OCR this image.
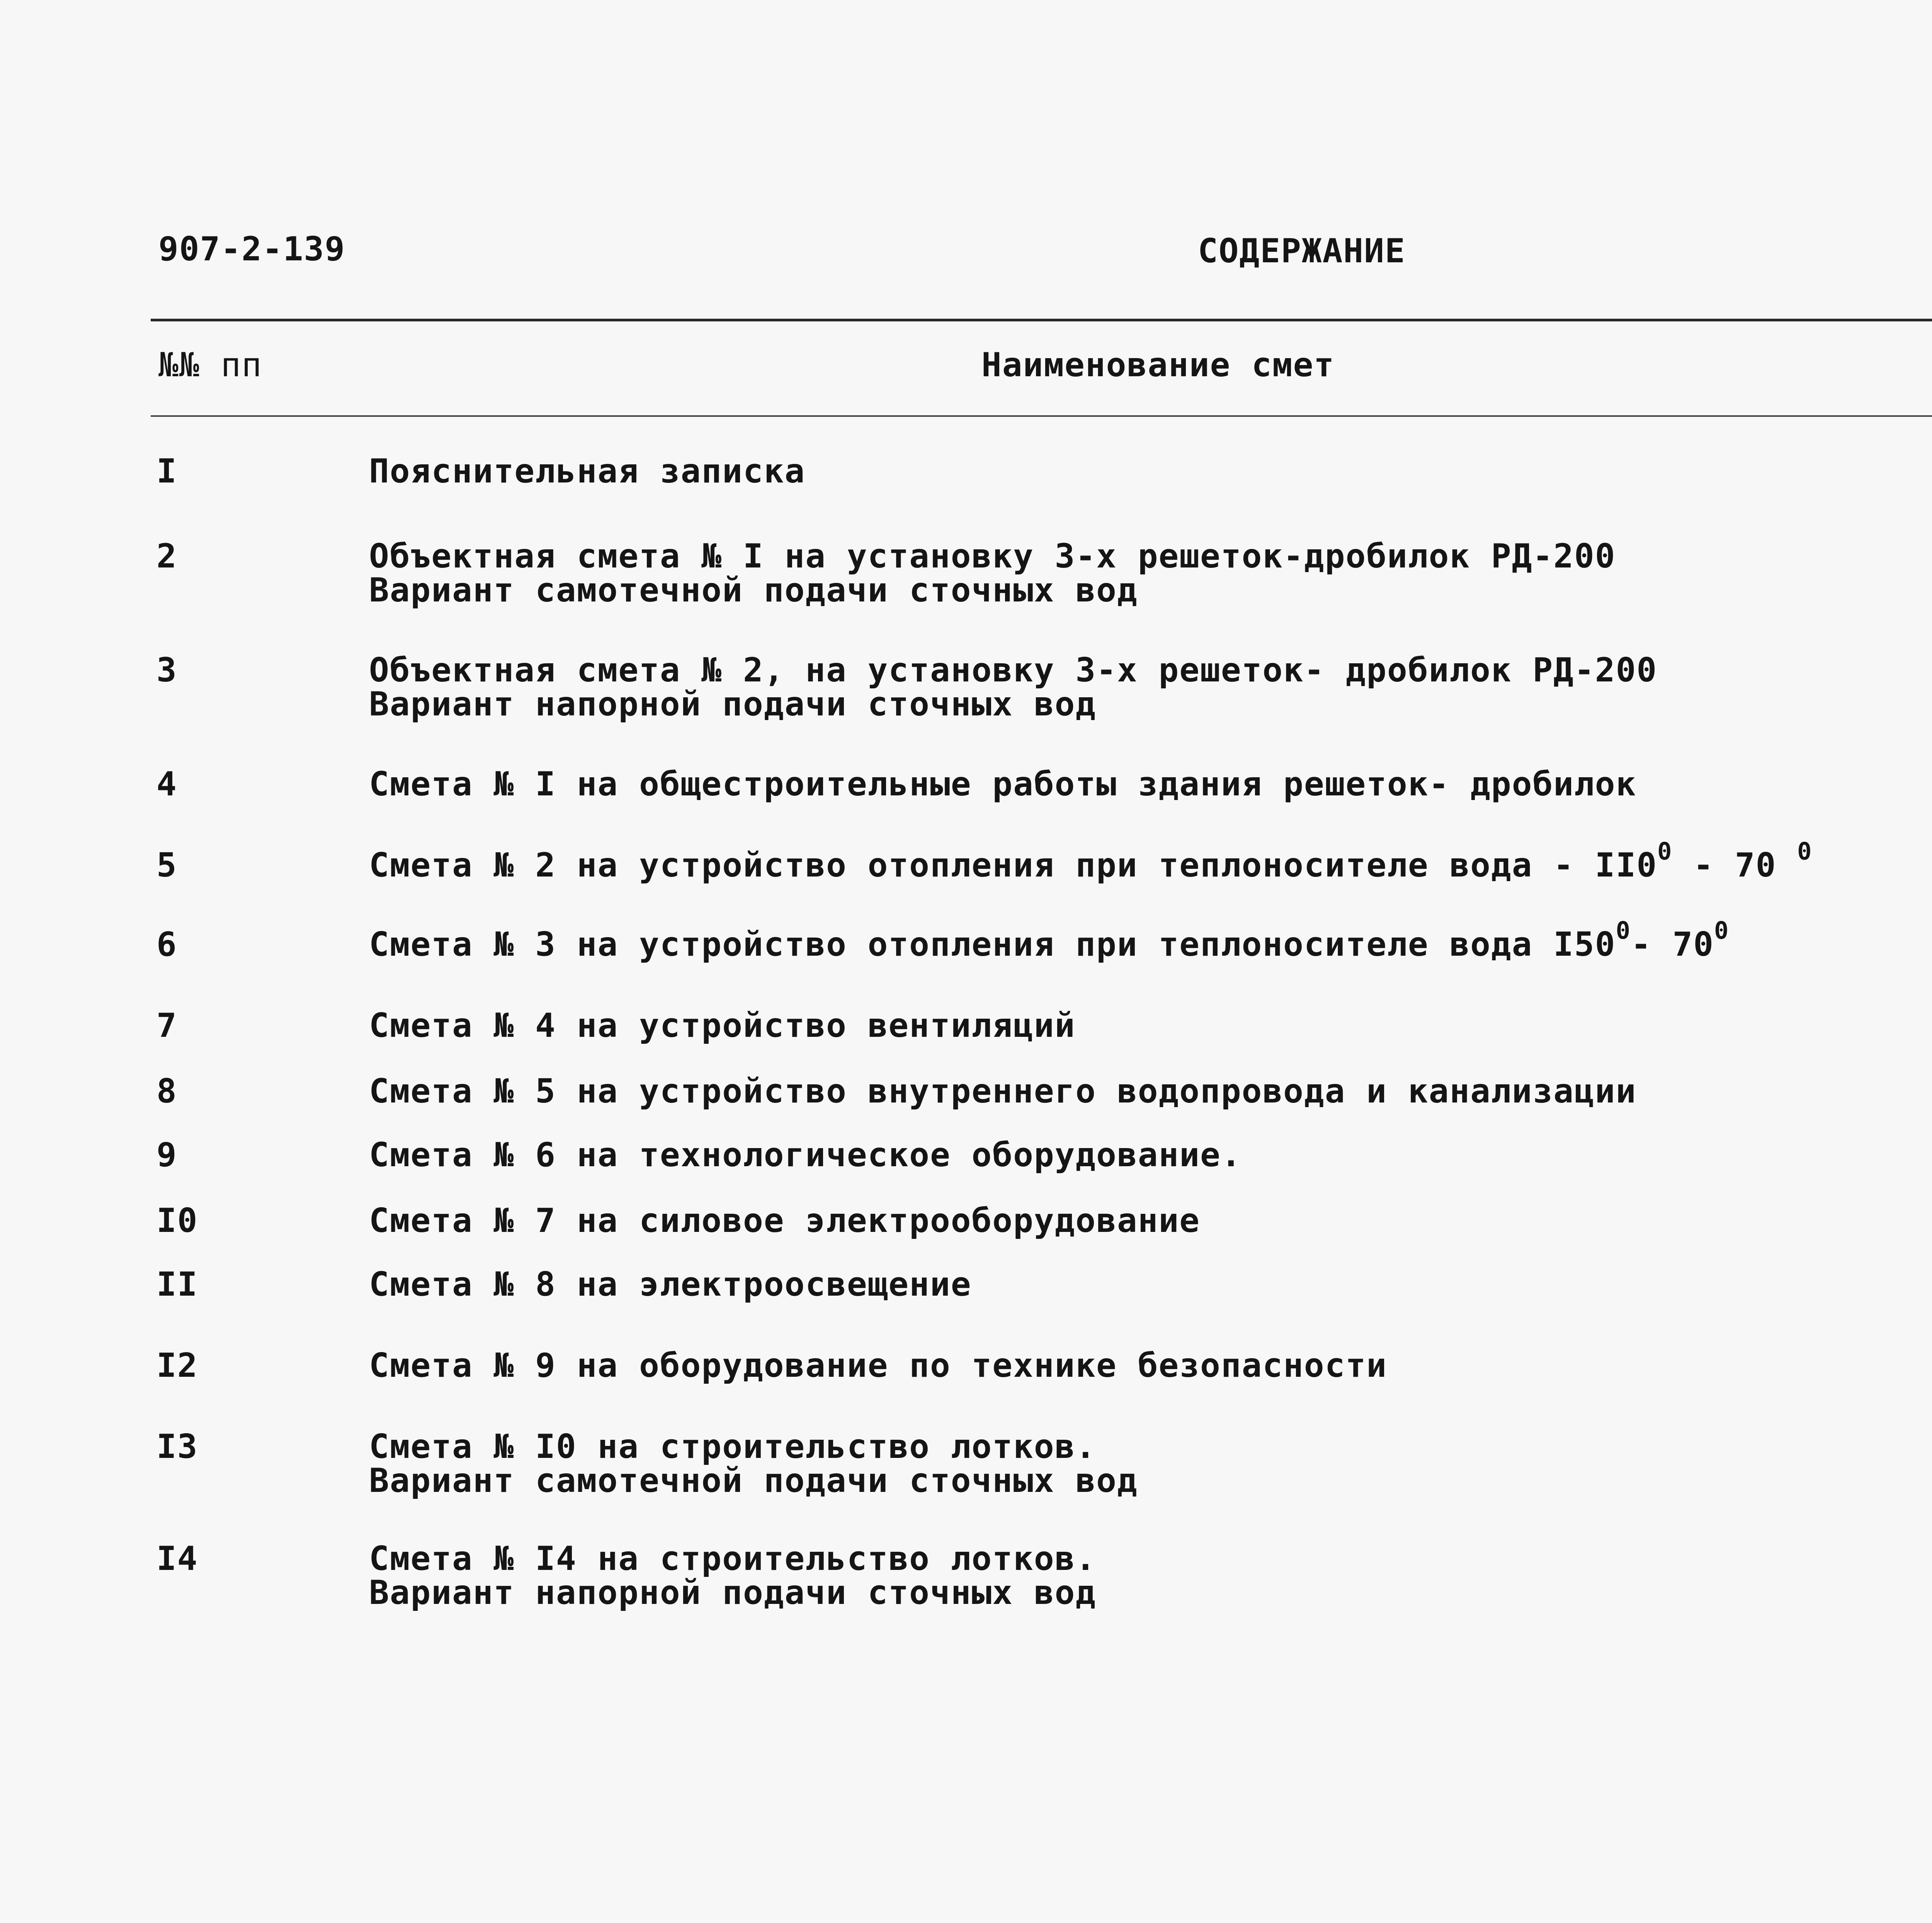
907-2-139	СОДЕРЖАНИЕ
№№ пп	Наименование смет
I	Пояснительная записка
2	Объектная смета № I на установку 3-х решеток-дробилок РД-200
Вариант самотечной подачи сточных вод
3	Объектная смета № 2, на установку 3-х решеток- дробилок РД-200
Вариант напорной подачи сточных вод
4	Смета № I на общестроительные работы здания решеток- дробилок
5	Смета № 2 на устройство отопления при теплоносителе вода - $II0^0 - 70$ $^0$
6	Смета № 3 на устройство отопления при теплоносителе вода $I50^0-$ $70^0$
7	Смета № 4 на устройство вентиляций
8	Смета № 5 на устройство внутреннего водопровода и канализации
9	Смета № 6 на технологическое оборудование.
I0	Смета № 7 на силовое электрооборудование
II	Смета № 8 на электроосвещение
I2	Смета № 9 на оборудование по технике безопасности
I3	Смета № I0 на строительство лотков.
Вариант самотечной подачи сточных вод
I4	Смета № I4 на строительство лотков.
Вариант напорной подачи сточных вод
